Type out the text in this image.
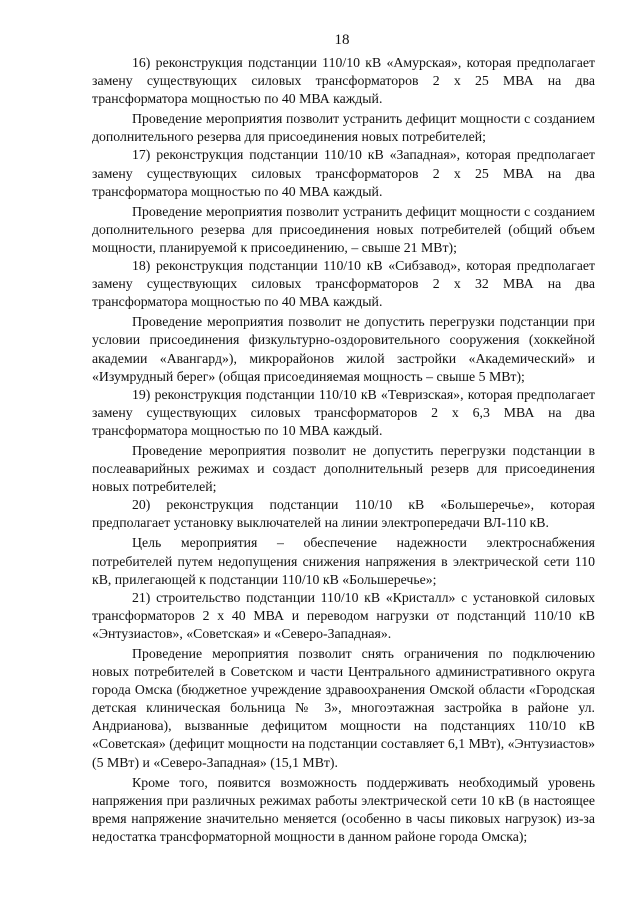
18

16) реконструкция подстанции 110/10 кВ «Амурская», которая предполагает замену существующих силовых трансформаторов 2 х 25 МВА на два трансформатора мощностью по 40 МВА каждый.

Проведение мероприятия позволит устранить дефицит мощности с созданием дополнительного резерва для присоединения новых потребителей;

17) реконструкция подстанции 110/10 кВ «Западная», которая предполагает замену существующих силовых трансформаторов 2 х 25 МВА на два трансформатора мощностью по 40 МВА каждый.

Проведение мероприятия позволит устранить дефицит мощности с созданием дополнительного резерва для присоединения новых потребителей (общий объем мощности, планируемой к присоединению, – свыше 21 МВт);

18) реконструкция подстанции 110/10 кВ «Сибзавод», которая предполагает замену существующих силовых трансформаторов 2 х 32 МВА на два трансформатора мощностью по 40 МВА каждый.

Проведение мероприятия позволит не допустить перегрузки подстанции при условии присоединения физкультурно-оздоровительного сооружения (хоккейной академии «Авангард»), микрорайонов жилой застройки «Академический» и «Изумрудный берег» (общая присоединяемая мощность – свыше 5 МВт);

19) реконструкция подстанции 110/10 кВ «Тевризская», которая предполагает замену существующих силовых трансформаторов 2 х 6,3 МВА на два трансформатора мощностью по 10 МВА каждый.

Проведение мероприятия позволит не допустить перегрузки подстанции в послеаварийных режимах и создаст дополнительный резерв для присоединения новых потребителей;

20) реконструкция подстанции 110/10 кВ «Большеречье», которая предполагает установку выключателей на линии электропередачи ВЛ-110 кВ.

Цель мероприятия – обеспечение надежности электроснабжения потребителей путем недопущения снижения напряжения в электрической сети 110 кВ, прилегающей к подстанции 110/10 кВ «Большеречье»;

21) строительство подстанции 110/10 кВ «Кристалл» с установкой силовых трансформаторов 2 х 40 МВА и переводом нагрузки от подстанций 110/10 кВ «Энтузиастов», «Советская» и «Северо-Западная».

Проведение мероприятия позволит снять ограничения по подключению новых потребителей в Советском и части Центрального административного округа города Омска (бюджетное учреждение здравоохранения Омской области «Городская детская клиническая больница № 3», многоэтажная застройка в районе ул. Андрианова), вызванные дефицитом мощности на подстанциях 110/10 кВ «Советская» (дефицит мощности на подстанции составляет 6,1 МВт), «Энтузиастов» (5 МВт) и «Северо-Западная» (15,1 МВт).

Кроме того, появится возможность поддерживать необходимый уровень напряжения при различных режимах работы электрической сети 10 кВ (в настоящее время напряжение значительно меняется (особенно в часы пиковых нагрузок) из-за недостатка трансформаторной мощности в данном районе города Омска);
